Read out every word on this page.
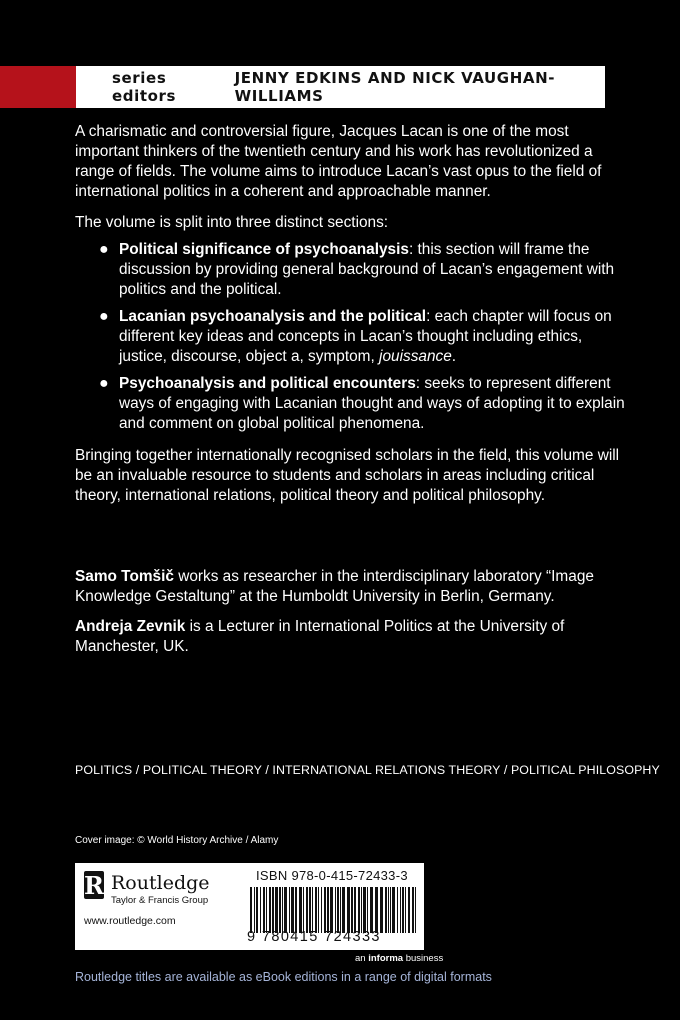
series editors
JENNY EDKINS AND NICK VAUGHAN-WILLIAMS
A charismatic and controversial figure, Jacques Lacan is one of the most important thinkers of the twentieth century and his work has revolutionized a range of fields. The volume aims to introduce Lacan’s vast opus to the field of international politics in a coherent and approachable manner.
The volume is split into three distinct sections:
● Political significance of psychoanalysis: this section will frame the discussion by providing general background of Lacan’s engagement with politics and the political.
● Lacanian psychoanalysis and the political: each chapter will focus on different key ideas and concepts in Lacan’s thought including ethics, justice, discourse, object a, symptom, jouissance.
● Psychoanalysis and political encounters: seeks to represent different ways of engaging with Lacanian thought and ways of adopting it to explain and comment on global political phenomena.
Bringing together internationally recognised scholars in the field, this volume will be an invaluable resource to students and scholars in areas including critical theory, international relations, political theory and political philosophy.
Samo Tomšič works as researcher in the interdisciplinary laboratory “Image Knowledge Gestaltung” at the Humboldt University in Berlin, Germany.
Andreja Zevnik is a Lecturer in International Politics at the University of Manchester, UK.
POLITICS / POLITICAL THEORY / INTERNATIONAL RELATIONS THEORY / POLITICAL PHILOSOPHY
Cover image: © World History Archive / Alamy
R Routledge
Taylor & Francis Group
www.routledge.com
ISBN 978-0-415-72433-3
9 780415 724333
an informa business
Routledge titles are available as eBook editions in a range of digital formats
